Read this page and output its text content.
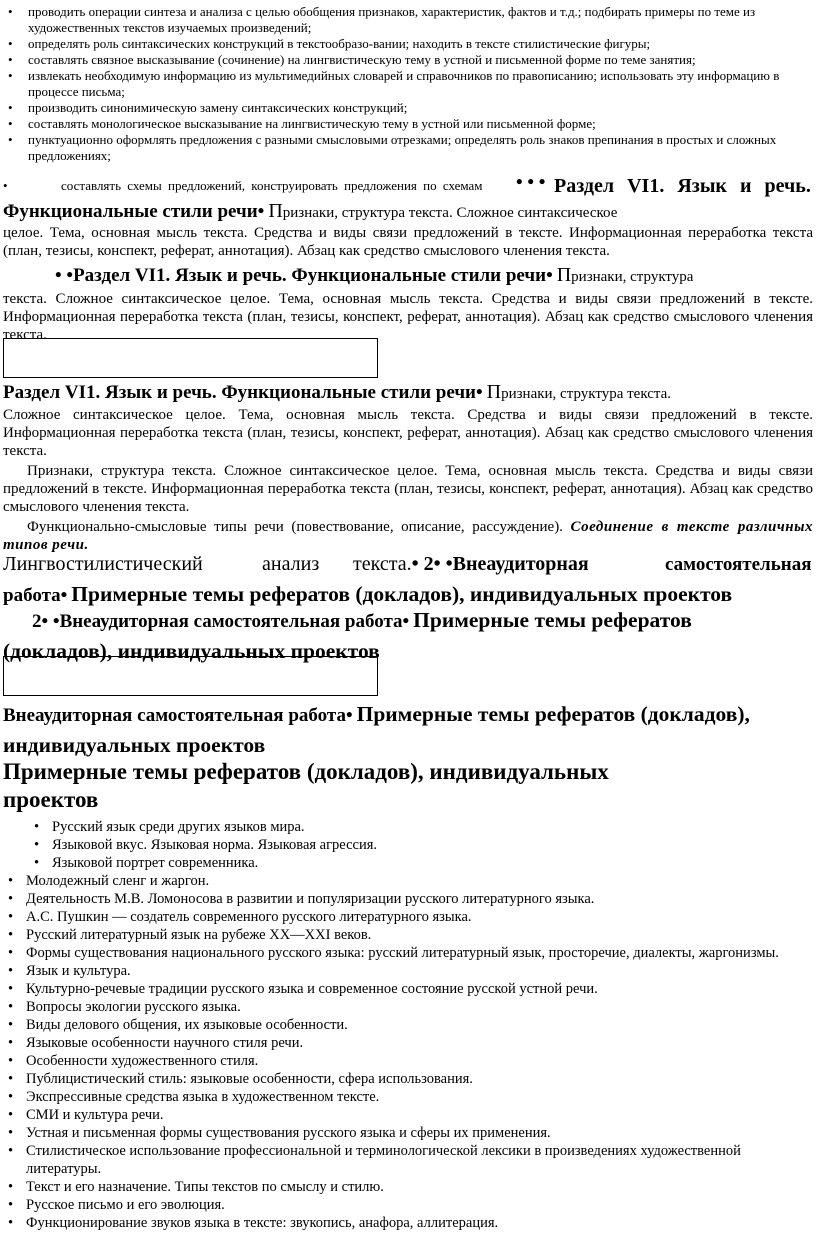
• проводить операции синтеза и анализа с целью обобщения признаков, характеристик, фактов и т.д.; подбирать примеры по теме из художественных текстов изучаемых произведений;
• определять роль синтаксических конструкций в текстообразо-вании; находить в тексте стилистические фигуры;
• составлять связное высказывание (сочинение) на лингвистическую тему в устной и письменной форме по теме занятия;
• извлекать необходимую информацию из мультимедийных словарей и справочников по правописанию; использовать эту информацию в процессе письма;
• производить синонимическую замену синтаксических конструкций;
• составлять монологическое высказывание на лингвистическую тему в устной или письменной форме;
• пунктуационно оформлять предложения с разными смысловыми отрезками; определять роль знаков препинания в простых и сложных предложениях;
•	составлять схемы предложений, конструировать предложения по схемам • • • Раздел VI1. Язык и речь.
Функциональные стили речи• Признаки, структура текста. Сложное синтаксическое

целое. Тема, основная мысль текста. Средства и виды связи предложений в тексте. Информационная переработка текста (план, тезисы, конспект, реферат, аннотация). Абзац как средство смыслового членения текста.

• •Раздел VI1. Язык и речь. Функциональные стили речи• Признаки, структура

текста. Сложное синтаксическое целое. Тема, основная мысль текста. Средства и виды связи предложений в тексте. Информационная переработка текста (план, тезисы, конспект, реферат, аннотация). Абзац как средство смыслового членения текста.

Раздел VI1. Язык и речь. Функциональные стили речи• Признаки, структура текста.

Сложное синтаксическое целое. Тема, основная мысль текста. Средства и виды связи предложений в тексте. Информационная переработка текста (план, тезисы, конспект, реферат, аннотация). Абзац как средство смыслового членения текста.

Признаки, структура текста. Сложное синтаксическое целое. Тема, основная мысль текста. Средства и виды связи предложений в тексте. Информационная переработка текста (план, тезисы, конспект, реферат, аннотация). Абзац как средство смыслового членения текста.

Функционально-смысловые типы речи (повествование, описание, рассуждение). Соединение в тексте различных типов речи.

Лингвостилистический	анализ текста.• 2• •Внеаудиторная	самостоятельная
работа• Примерные темы рефератов (докладов), индивидуальных проектов
2• •Внеаудиторная самостоятельная работа• Примерные темы рефератов
(докладов), индивидуальных проектов
Внеаудиторная самостоятельная работа• Примерные темы рефератов (докладов),
индивидуальных проектов
Примерные темы рефератов (докладов), индивидуальных проектов
• Русский язык среди других языков мира.
• Языковой вкус. Языковая норма. Языковая агрессия.
• Языковой портрет современника.
• Молодежный сленг и жаргон.
• Деятельность М.В. Ломоносова в развитии и популяризации русского литературного языка.
• А.С. Пушкин — создатель современного русского литературного языка.
• Русский литературный язык на рубеже XX—XXI веков.
• Формы существования национального русского языка: русский литературный язык, просторечие, диалекты, жаргонизмы.
• Язык и культура.
• Культурно-речевые традиции русского языка и современное состояние русской устной речи.
• Вопросы экологии русского языка.
• Виды делового общения, их языковые особенности.
• Языковые особенности научного стиля речи.
• Особенности художественного стиля.
• Публицистический стиль: языковые особенности, сфера использования.
• Экспрессивные средства языка в художественном тексте.
• СМИ и культура речи.
• Устная и письменная формы существования русского языка и сферы их применения.
• Стилистическое использование профессиональной и терминологической лексики в произведениях художественной литературы.
• Текст и его назначение. Типы текстов по смыслу и стилю.
• Русское письмо и его эволюция.
• Функционирование звуков языка в тексте: звукопись, анафора, аллитерация.
